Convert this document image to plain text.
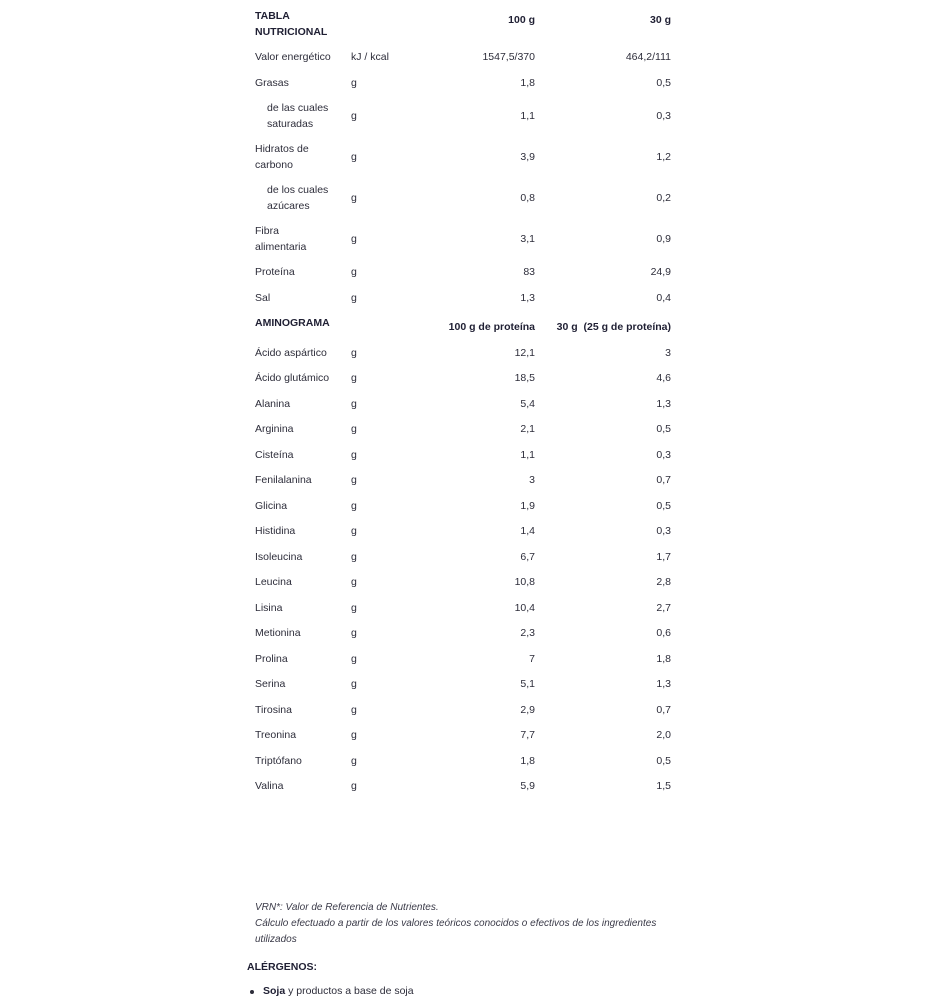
TABLA NUTRICIONAL		100 g	30 g
Valor energético	kJ / kcal	1547,5/370	464,2/111
Grasas	g	1,8	0,5
de las cuales saturadas	g	1,1	0,3
Hidratos de carbono	g	3,9	1,2
de los cuales azúcares	g	0,8	0,2
Fibra alimentaria	g	3,1	0,9
Proteína	g	83	24,9
Sal	g	1,3	0,4
AMINOGRAMA		100 g de proteína	30 g  (25 g de proteína)
Ácido aspártico	g	12,1	3
Ácido glutámico	g	18,5	4,6
Alanina	g	5,4	1,3
Arginina	g	2,1	0,5
Cisteína	g	1,1	0,3
Fenilalanina	g	3	0,7
Glicina	g	1,9	0,5
Histidina	g	1,4	0,3
Isoleucina	g	6,7	1,7
Leucina	g	10,8	2,8
Lisina	g	10,4	2,7
Metionina	g	2,3	0,6
Prolina	g	7	1,8
Serina	g	5,1	1,3
Tirosina	g	2,9	0,7
Treonina	g	7,7	2,0
Triptófano	g	1,8	0,5
Valina	g	5,9	1,5
VRN*: Valor de Referencia de Nutrientes.
Cálculo efectuado a partir de los valores teóricos conocidos o efectivos de los ingredientes utilizados
ALÉRGENOS:
Soja y productos a base de soja
